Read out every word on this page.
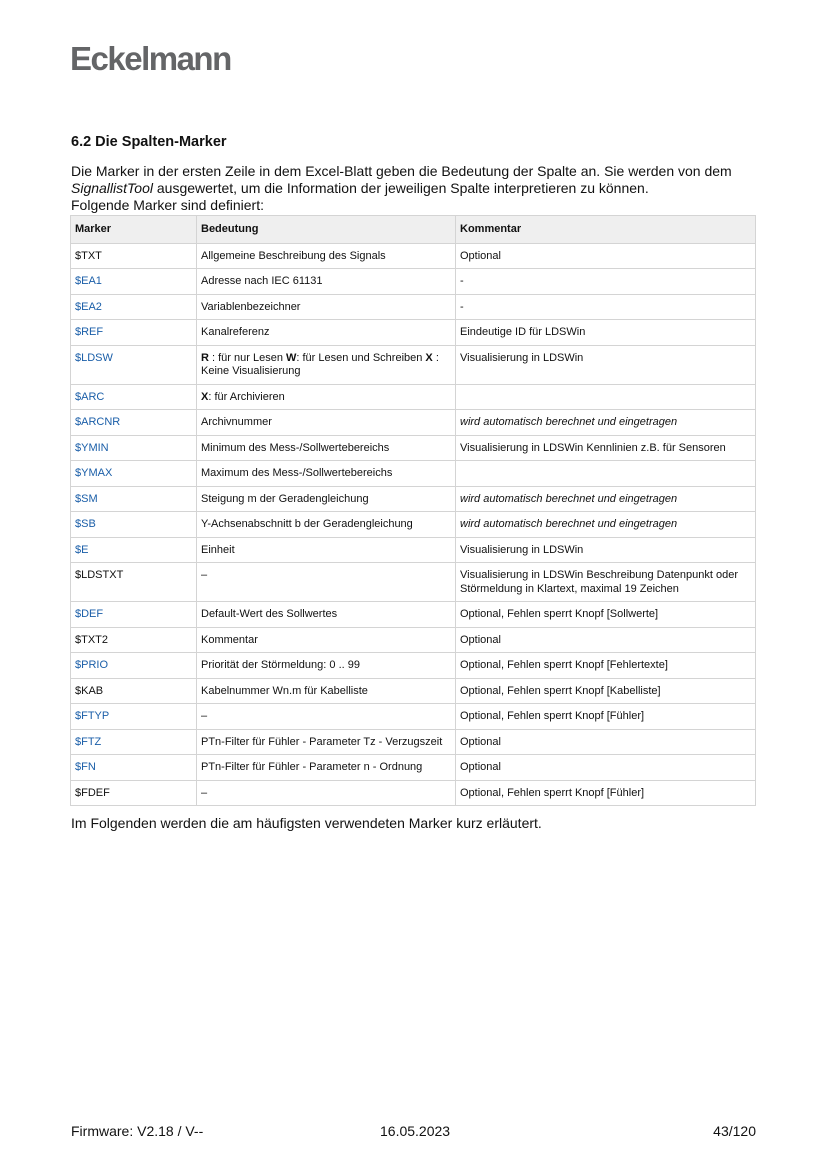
Eckelmann
6.2 Die Spalten-Marker
Die Marker in der ersten Zeile in dem Excel-Blatt geben die Bedeutung der Spalte an. Sie werden von dem SignallistTool ausgewertet, um die Information der jeweiligen Spalte interpretieren zu können.
Folgende Marker sind definiert:
Marker	Bedeutung	Kommentar
$TXT	Allgemeine Beschreibung des Signals	Optional
$EA1	Adresse nach IEC 61131	-
$EA2	Variablenbezeichner	-
$REF	Kanalreferenz	Eindeutige ID für LDSWin
$LDSW	R : für nur Lesen W: für Lesen und Schreiben X : Keine Visualisierung	Visualisierung in LDSWin
$ARC	X: für Archivieren	
$ARCNR	Archivnummer	wird automatisch berechnet und eingetragen
$YMIN	Minimum des Mess-/Sollwertebereichs	Visualisierung in LDSWin Kennlinien z.B. für Sensoren
$YMAX	Maximum des Mess-/Sollwertebereichs	
$SM	Steigung m der Geradengleichung	wird automatisch berechnet und eingetragen
$SB	Y-Achsenabschnitt b der Geradengleichung	wird automatisch berechnet und eingetragen
$E	Einheit	Visualisierung in LDSWin
$LDSTXT	–	Visualisierung in LDSWin Beschreibung Datenpunkt oder Störmeldung in Klartext, maximal 19 Zeichen
$DEF	Default-Wert des Sollwertes	Optional, Fehlen sperrt Knopf [Sollwerte]
$TXT2	Kommentar	Optional
$PRIO	Priorität der Störmeldung: 0 .. 99	Optional, Fehlen sperrt Knopf [Fehlertexte]
$KAB	Kabelnummer Wn.m für Kabelliste	Optional, Fehlen sperrt Knopf [Kabelliste]
$FTYP	–	Optional, Fehlen sperrt Knopf [Fühler]
$FTZ	PTn-Filter für Fühler - Parameter Tz - Verzugszeit	Optional
$FN	PTn-Filter für Fühler - Parameter n - Ordnung	Optional
$FDEF	–	Optional, Fehlen sperrt Knopf [Fühler]
Im Folgenden werden die am häufigsten verwendeten Marker kurz erläutert.
Firmware: V2.18 / V--	16.05.2023	43/120
